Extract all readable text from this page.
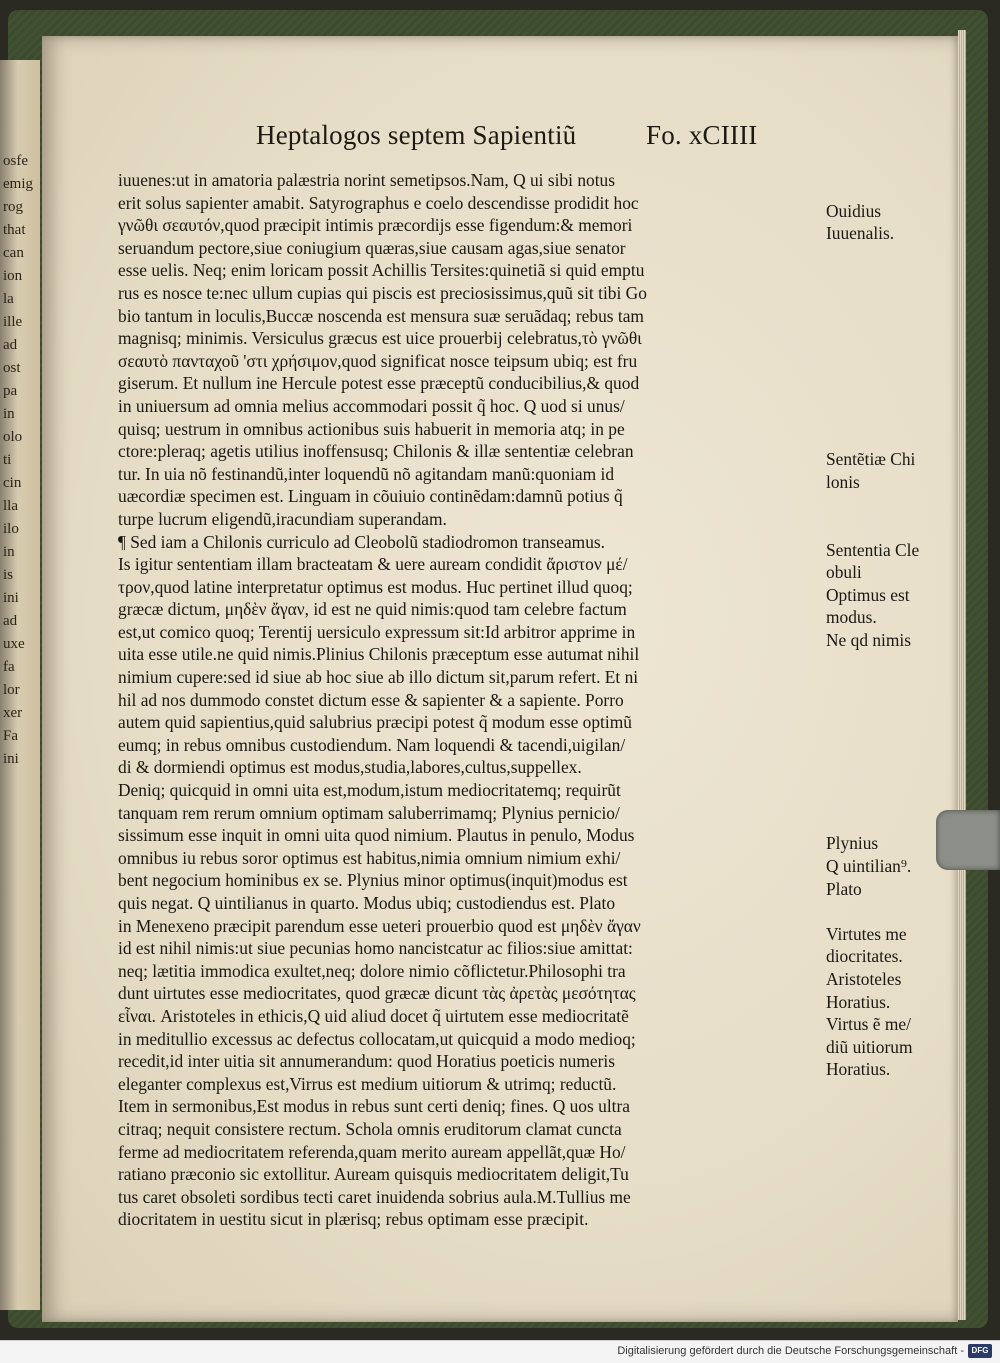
osfe
emig
rog
that
can
ion
la
ille
ad
ost
pa
in
olo
ti
cin
lla
ilo
in
is
ini
ad
uxe
fa
lor
xer
Fa
ini
Heptalogos septem Sapientiũ	Fo. xCIIII
iuuenes:ut in amatoria palæstria norint semetipsos.Nam, Q ui sibi notus
erit solus sapienter amabit. Satyrographus e coelo descendisse prodidit hoc
γνῶθι σεαυτόν,quod præcipit intimis præcordijs esse figendum:& memori
seruandum pectore,siue coniugium quæras,siue causam agas,siue senator
esse uelis. Neq; enim loricam possit Achillis Tersites:quinetiã si quid emptu
rus es nosce te:nec ullum cupias qui piscis est preciosissimus,quũ sit tibi Go
bio tantum in loculis,Buccæ noscenda est mensura suæ seruãdaq; rebus tam
magnisq; minimis. Versiculus græcus est uice prouerbij celebratus,τὸ γνῶθι
σεαυτὸ πανταχοῦ 'στι χρήσιμον,quod significat nosce teipsum ubiq; est fru
giserum. Et nullum ine Hercule potest esse præceptũ conducibilius,& quod
in uniuersum ad omnia melius accommodari possit q̃ hoc. Q uod si unus/
quisq; uestrum in omnibus actionibus suis habuerit in memoria atq; in pe
ctore:pleraq; agetis utilius inoffensusq; Chilonis & illæ sententiæ celebran
tur. In uia nõ festinandũ,inter loquendũ nõ agitandam manũ:quoniam id
uæcordiæ specimen est. Linguam in cõuiuio continẽdam:damnũ potius q̃
turpe lucrum eligendũ,iracundiam superandam.
¶ Sed iam a Chilonis curriculo ad Cleobolũ stadiodromon transeamus.
Is igitur sententiam illam bracteatam & uere auream condidit ἄριστον μέ/
τρον,quod latine interpretatur optimus est modus. Huc pertinet illud quoq;
græcæ dictum, μηδὲν ἄγαν, id est ne quid nimis:quod tam celebre factum
est,ut comico quoq; Terentij uersiculo expressum sit:Id arbitror apprime in
uita esse utile.ne quid nimis.Plinius Chilonis præceptum esse autumat nihil
nimium cupere:sed id siue ab hoc siue ab illo dictum sit,parum refert. Et ni
hil ad nos dummodo constet dictum esse & sapienter & a sapiente. Porro
autem quid sapientius,quid salubrius præcipi potest q̃ modum esse optimũ
eumq; in rebus omnibus custodiendum. Nam loquendi & tacendi,uigilan/
di & dormiendi optimus est modus,studia,labores,cultus,suppellex.
Deniq; quicquid in omni uita est,modum,istum mediocritatemq; requirũt
tanquam rem rerum omnium optimam saluberrimamq; Plynius pernicio/
sissimum esse inquit in omni uita quod nimium. Plautus in penulo, Modus
omnibus iu rebus soror optimus est habitus,nimia omnium nimium exhi/
bent negocium hominibus ex se. Plynius minor optimus(inquit)modus est
quis negat. Q uintilianus in quarto. Modus ubiq; custodiendus est. Plato
in Menexeno præcipit parendum esse ueteri prouerbio quod est μηδὲν ἄγαν
id est nihil nimis:ut siue pecunias homo nancistcatur ac filios:siue amittat:
neq; lætitia immodica exultet,neq; dolore nimio cõflictetur.Philosophi tra
dunt uirtutes esse mediocritates, quod græcæ dicunt τὰς ἀρετὰς μεσότητας
εἶναι. Aristoteles in ethicis,Q uid aliud docet q̃ uirtutem esse mediocritatẽ
in meditullio excessus ac defectus collocatam,ut quicquid a modo medioq;
recedit,id inter uitia sit annumerandum: quod Horatius poeticis numeris
eleganter complexus est,Virrus est medium uitiorum & utrimq; reductũ.
Item in sermonibus,Est modus in rebus sunt certi deniq; fines. Q uos ultra
citraq; nequit consistere rectum. Schola omnis eruditorum clamat cuncta
ferme ad mediocritatem referenda,quam merito auream appellãt,quæ Ho/
ratiano præconio sic extollitur. Auream quisquis mediocritatem deligit,Tu
tus caret obsoleti sordibus tecti caret inuidenda sobrius aula.M.Tullius me
diocritatem in uestitu sicut in plærisq; rebus optimam esse præcipit.
Ouidius
Iuuenalis.
Sentẽtiæ Chi
lonis
Sententia Cle
obuli
Optimus est
modus.
Ne qd nimis
Plynius
Q uintilian⁹.
Plato
Virtutes me
diocritates.
Aristoteles
Horatius.
Virtus ẽ me/
diũ uitiorum
Horatius.
Digitalisierung gefördert durch die Deutsche Forschungsgemeinschaft - DFG
